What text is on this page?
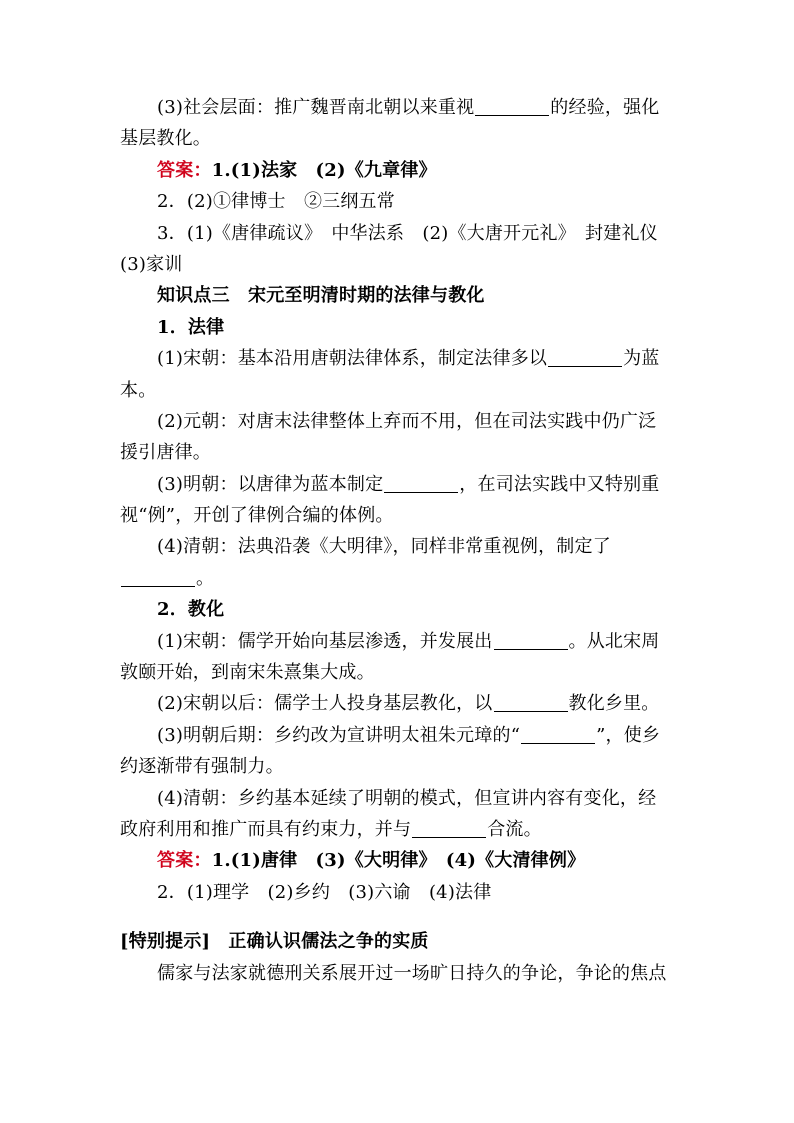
(3)社会层面：推广魏晋南北朝以来重视	的经验，强化
基层教化。
答案：1.(1)法家　(2)《九章律》
2．(2)①律博士　②三纲五常
3．(1)《唐律疏议》　中华法系　(2)《大唐开元礼》　封建礼仪
(3)家训
知识点三　宋元至明清时期的法律与教化
1．法律
(1)宋朝：基本沿用唐朝法律体系，制定法律多以	为蓝
本。
(2)元朝：对唐末法律整体上弃而不用，但在司法实践中仍广泛
援引唐律。
(3)明朝：以唐律为蓝本制定	，在司法实践中又特别重
视“例”，开创了律例合编的体例。
(4)清朝：法典沿袭《大明律》，同样非常重视例，制定了
。
2．教化
(1)宋朝：儒学开始向基层渗透，并发展出	。从北宋周
敦颐开始，到南宋朱熹集大成。
(2)宋朝以后：儒学士人投身基层教化，以	教化乡里。
(3)明朝后期：乡约改为宣讲明太祖朱元璋的“	”，使乡
约逐渐带有强制力。
(4)清朝：乡约基本延续了明朝的模式，但宣讲内容有变化，经
政府利用和推广而具有约束力，并与	合流。
答案：1.(1)唐律　(3)《大明律》　(4)《大清律例》
2．(1)理学　(2)乡约　(3)六谕　(4)法律
[特别提示]　正确认识儒法之争的实质
儒家与法家就德刑关系展开过一场旷日持久的争论，争论的焦点
